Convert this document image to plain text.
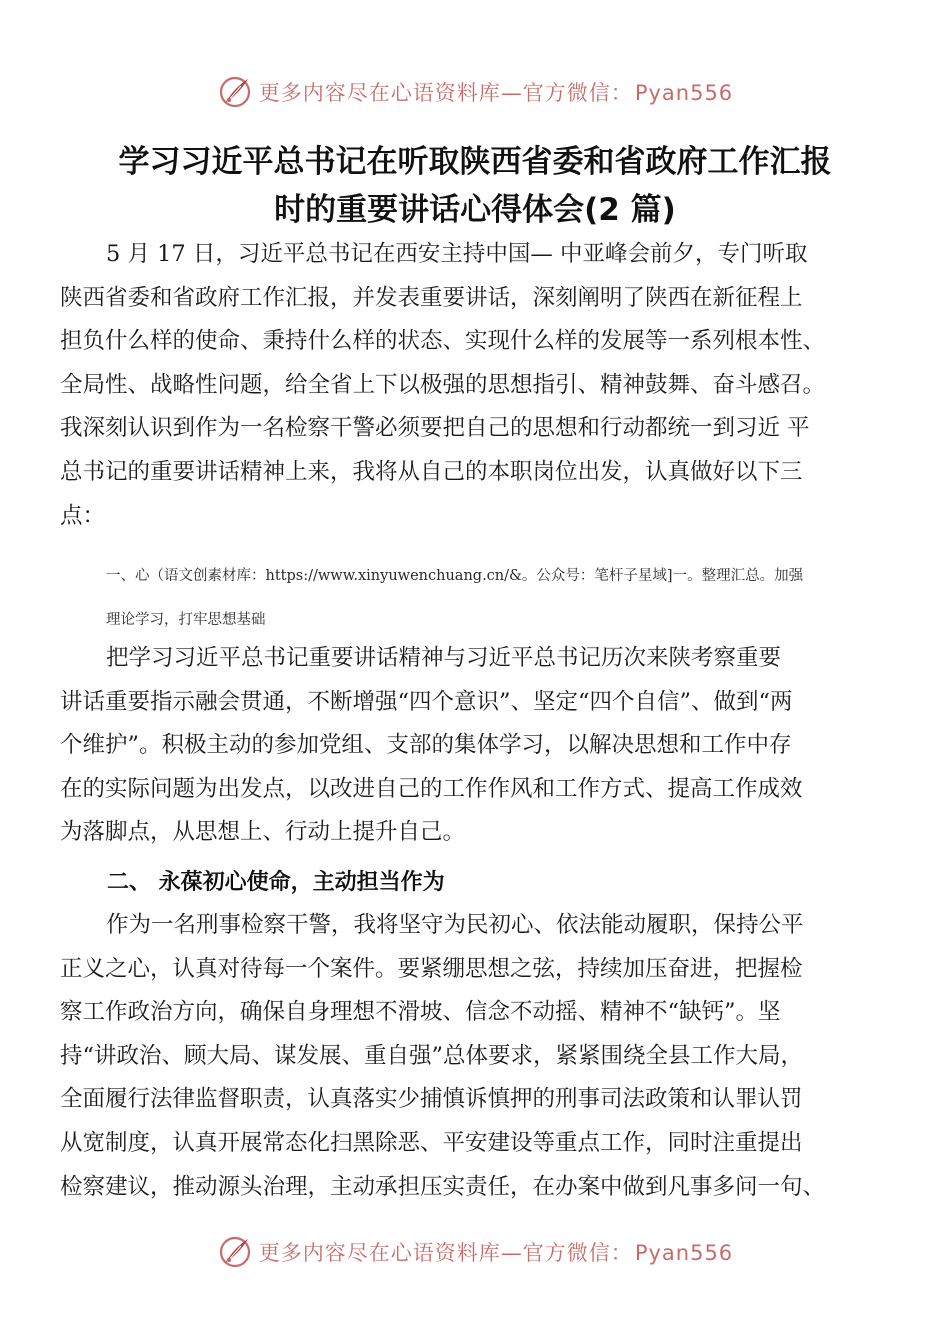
更多内容尽在心语资料库—官方微信：Pyan556
学习习近平总书记在听取陕西省委和省政府工作汇报
时的重要讲话心得体会(2 篇)
5 月 17 日，习近平总书记在西安主持中国— 中亚峰会前夕，专门听取
陕西省委和省政府工作汇报，并发表重要讲话，深刻阐明了陕西在新征程上
担负什么样的使命、秉持什么样的状态、实现什么样的发展等一系列根本性、
全局性、战略性问题，给全省上下以极强的思想指引、精神鼓舞、奋斗感召。
我深刻认识到作为一名检察干警必须要把自己的思想和行动都统一到习近 平
总书记的重要讲话精神上来，我将从自己的本职岗位出发，认真做好以下三
点：
一、心（语文创素材库：https://www.xinyuwenchuang.cn/&。公众号：笔杆子星域]一。整理汇总。加强
理论学习，打牢思想基础
把学习习近平总书记重要讲话精神与习近平总书记历次来陕考察重要
讲话重要指示融会贯通，不断增强“四个意识”、坚定“四个自信”、做到“两
个维护”。积极主动的参加党组、支部的集体学习，以解决思想和工作中存
在的实际问题为出发点，以改进自己的工作作风和工作方式、提高工作成效
为落脚点，从思想上、行动上提升自己。
二、 永葆初心使命，主动担当作为
作为一名刑事检察干警，我将坚守为民初心、依法能动履职，保持公平
正义之心，认真对待每一个案件。要紧绷思想之弦，持续加压奋进，把握检
察工作政治方向，确保自身理想不滑坡、信念不动摇、精神不“缺钙”。坚
持“讲政治、顾大局、谋发展、重自强”总体要求，紧紧围绕全县工作大局，
全面履行法律监督职责，认真落实少捕慎诉慎押的刑事司法政策和认罪认罚
从宽制度，认真开展常态化扫黑除恶、平安建设等重点工作，同时注重提出
检察建议，推动源头治理，主动承担压实责任，在办案中做到凡事多问一句、
更多内容尽在心语资料库—官方微信：Pyan556
